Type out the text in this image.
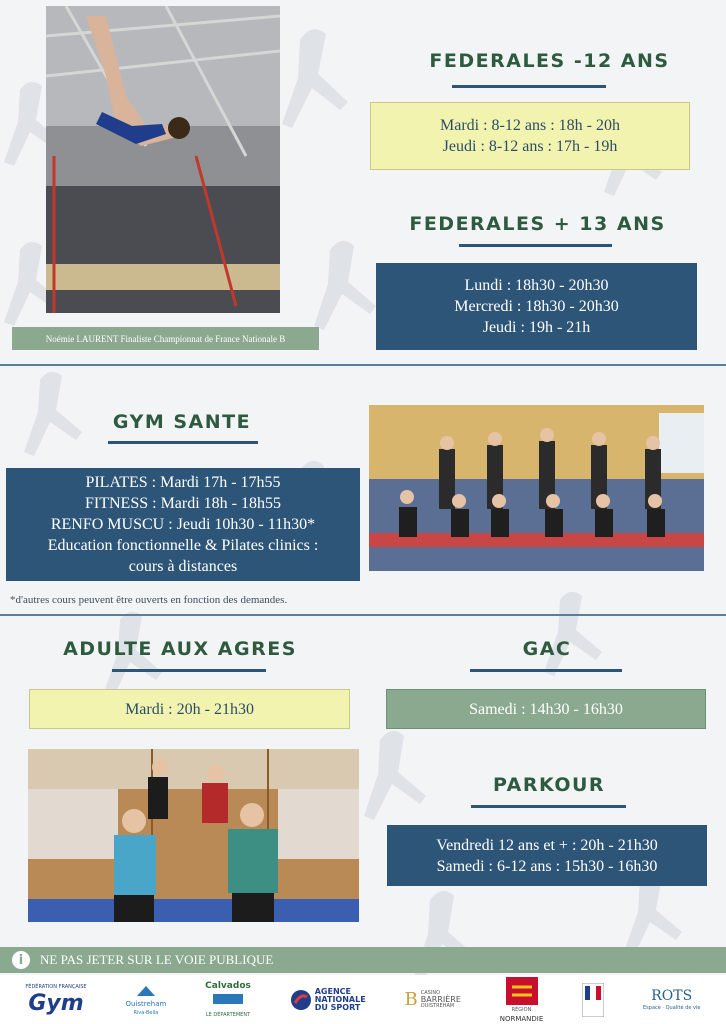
Noémie LAURENT Finaliste Championnat de France Nationale B
FEDERALES -12 ANS
Mardi : 8-12 ans : 18h - 20h
Jeudi : 8-12 ans : 17h - 19h
FEDERALES + 13 ANS
Lundi : 18h30 - 20h30
Mercredi : 18h30 - 20h30
Jeudi : 19h - 21h
GYM SANTE
PILATES : Mardi 17h - 17h55
FITNESS : Mardi 18h - 18h55
RENFO MUSCU : Jeudi 10h30 - 11h30*
Education fonctionnelle & Pilates clinics :
cours à distances
*d'autres cours peuvent être ouverts en fonction des demandes.
ADULTE AUX AGRES
Mardi : 20h - 21h30
GAC
Samedi : 14h30 - 16h30
PARKOUR
Vendredi 12 ans et + : 20h - 21h30
Samedi : 6-12 ans : 15h30 - 16h30
i	NE PAS JETER SUR LE VOIE PUBLIQUE
FÉDÉRATION FRANÇAISE
Gym	Ouistreham
Riva-Bella
Calvados
LE DÉPARTEMENT
AGENCE
NATIONALE
DU SPORT B CASINO
BARRIÈRE
OUISTREHAM
RÉGION
NORMANDIE
ROTS
Espace · Qualité de vie
